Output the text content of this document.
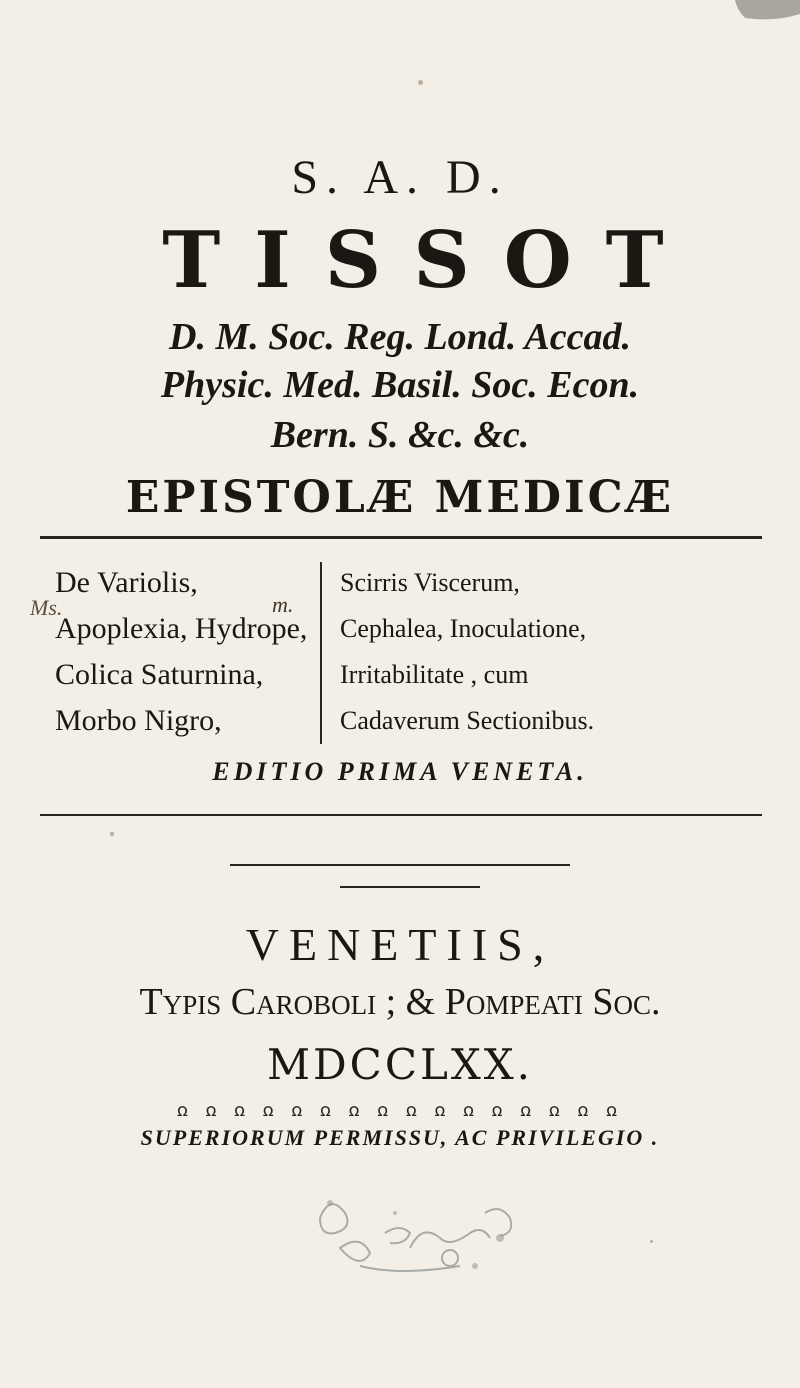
S. A. D.
TISSOT
D. M. Soc. Reg. Lond. Accad.
Physic. Med. Basil. Soc. Econ.
Bern. S. &c. &c.
EPISTOLÆ MEDICÆ
Ms.	m.
De Variolis,
Apoplexia, Hydrope,
Colica Saturnina,
Morbo Nigro,
Scirris Viscerum,
Cephalea, Inoculatione,
Irritabilitate , cum
Cadaverum Sectionibus.
EDITIO PRIMA VENETA.
VENETIIS,
Typis Caroboli ; & Pompeati Soc.
MDCCLXX.
ꭥ ꭥ ꭥ ꭥ ꭥ ꭥ ꭥ ꭥ ꭥ ꭥ ꭥ ꭥ ꭥ ꭥ ꭥ ꭥ
SUPERIORUM PERMISSU, AC PRIVILEGIO .
